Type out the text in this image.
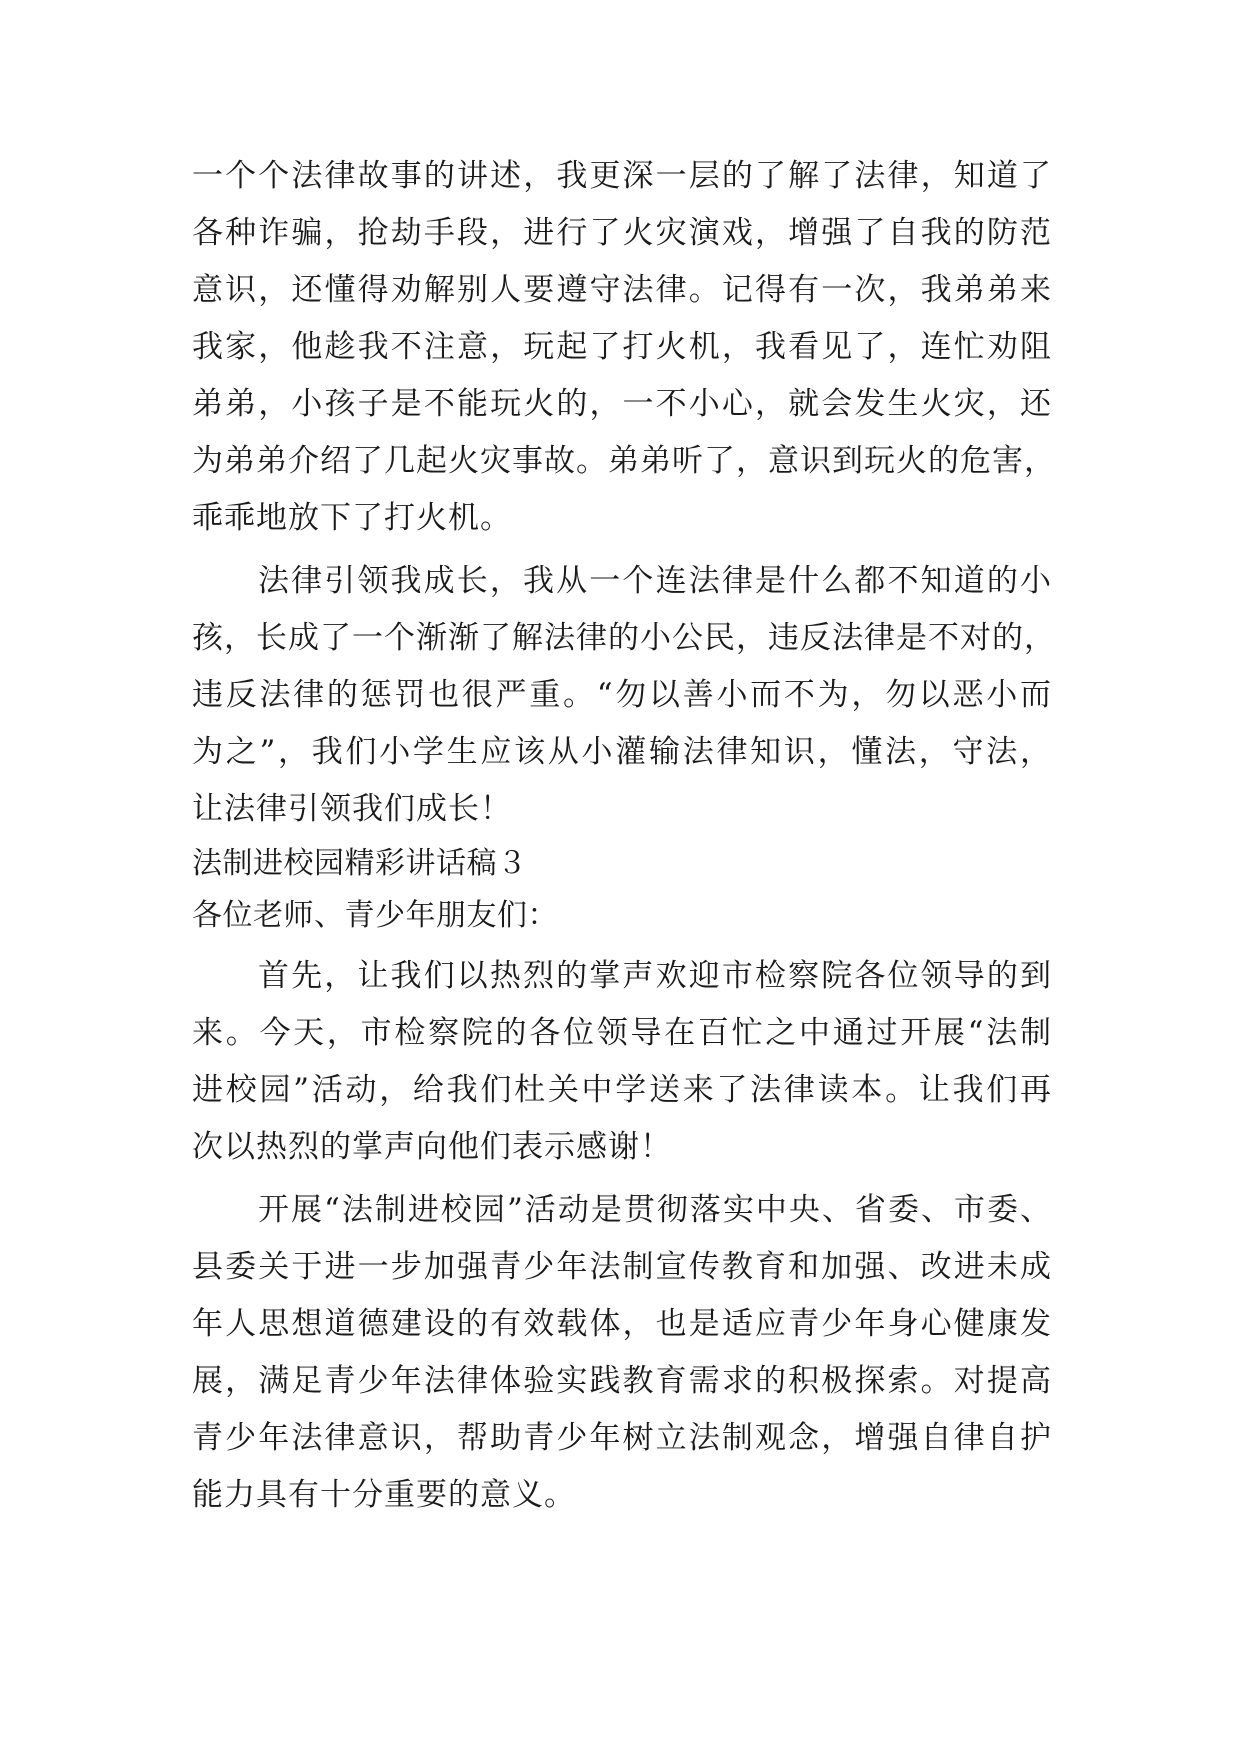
一个个法律故事的讲述，我更深一层的了解了法律，知道了
各种诈骗，抢劫手段，进行了火灾演戏，增强了自我的防范
意识，还懂得劝解别人要遵守法律。记得有一次，我弟弟来
我家，他趁我不注意，玩起了打火机，我看见了，连忙劝阻
弟弟，小孩子是不能玩火的，一不小心，就会发生火灾，还
为弟弟介绍了几起火灾事故。弟弟听了，意识到玩火的危害，
乖乖地放下了打火机。
法律引领我成长，我从一个连法律是什么都不知道的小
孩，长成了一个渐渐了解法律的小公民，违反法律是不对的，
违反法律的惩罚也很严重。“勿以善小而不为，勿以恶小而
为之”，我们小学生应该从小灌输法律知识，懂法，守法，
让法律引领我们成长！
法制进校园精彩讲话稿３
各位老师、青少年朋友们：
首先，让我们以热烈的掌声欢迎市检察院各位领导的到
来。今天，市检察院的各位领导在百忙之中通过开展“法制
进校园”活动，给我们杜关中学送来了法律读本。让我们再
次以热烈的掌声向他们表示感谢！
开展“法制进校园”活动是贯彻落实中央、省委、市委、
县委关于进一步加强青少年法制宣传教育和加强、改进未成
年人思想道德建设的有效载体，也是适应青少年身心健康发
展，满足青少年法律体验实践教育需求的积极探索。对提高
青少年法律意识，帮助青少年树立法制观念，增强自律自护
能力具有十分重要的意义。
